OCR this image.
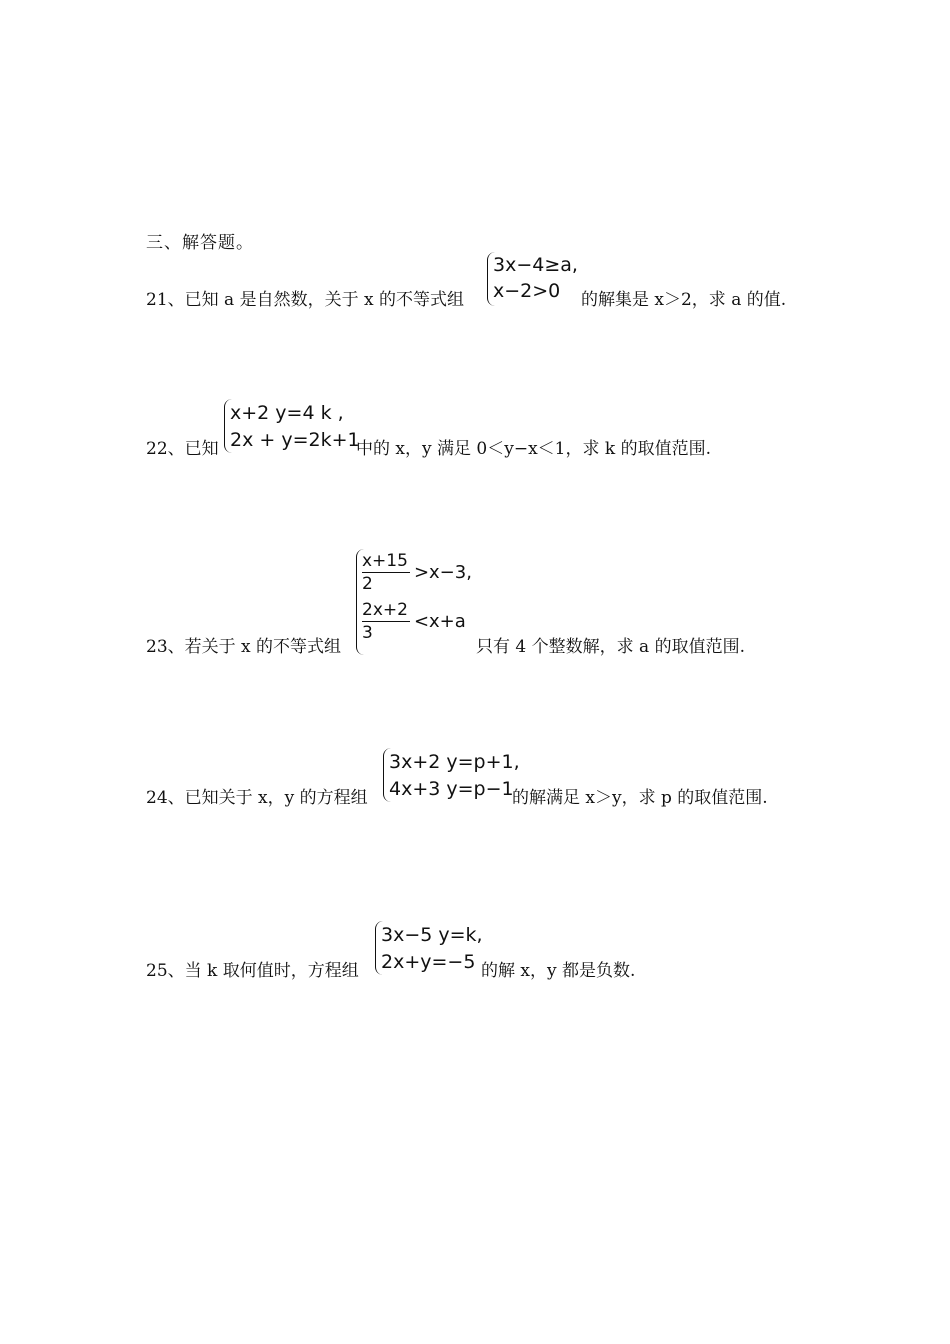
三、解答题。
21、已知 a 是自然数，关于 x 的不等式组
3x−4≥a,
x−2>0 的解集是 x＞2，求 a 的值.
22、已知
x+2 y=4 k ,
2x + y=2k+1
中的 x，y 满足 0＜y−x＜1，求 k 的取值范围.
23、若关于 x 的不等式组
$\frac{x+15}{2} >x-3$,
$\frac{2x+2}{3} <x+a$
只有 4 个整数解，求 a 的取值范围.
24、已知关于 x，y 的方程组
3x+2 y=p+1,
4x+3 y=p−1
的解满足 x＞y，求 p 的取值范围.
25、当 k 取何值时，方程组
3x−5 y=k,
2x+y=−5 的解 x，y 都是负数.
